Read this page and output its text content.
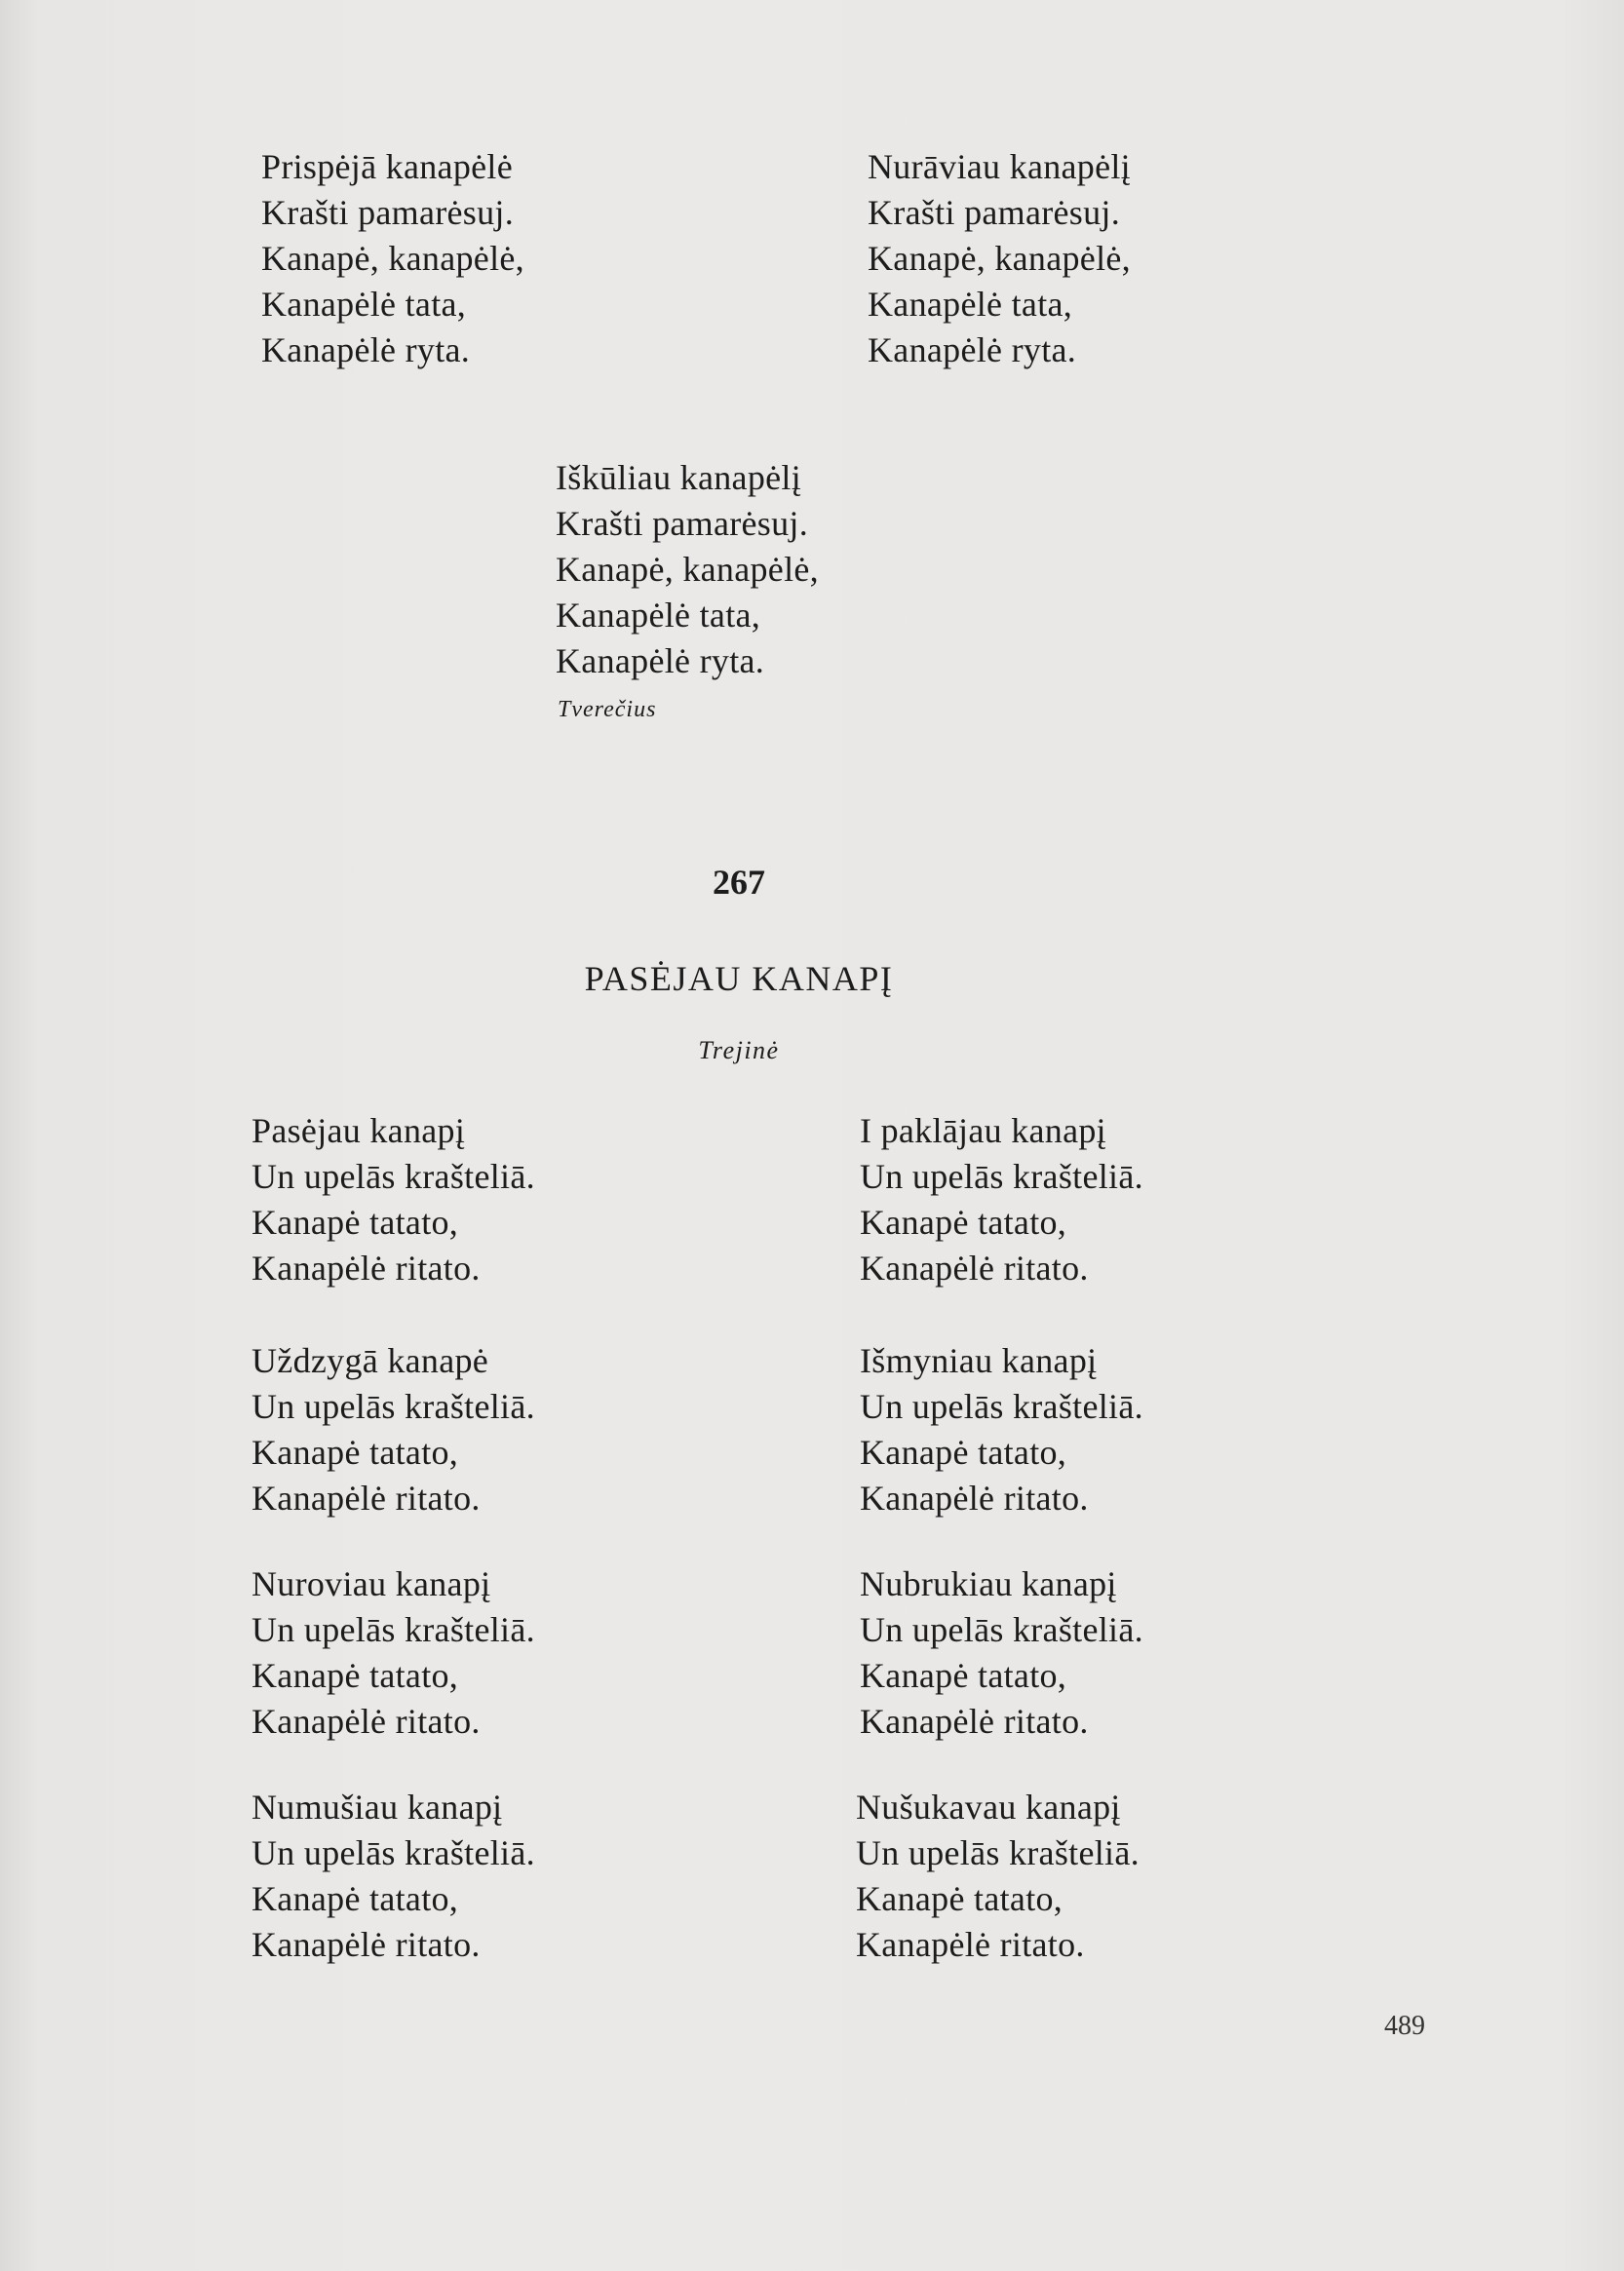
Prispėjā kanapėlė
Krašti pamarėsuj.
Kanapė, kanapėlė,
Kanapėlė tata,
Kanapėlė ryta.
Nurāviau kanapėlį
Krašti pamarėsuj.
Kanapė, kanapėlė,
Kanapėlė tata,
Kanapėlė ryta.
Iškūliau kanapėlį
Krašti pamarėsuj.
Kanapė, kanapėlė,
Kanapėlė tata,
Kanapėlė ryta.
Tverečius
267
PASĖJAU KANAPĮ
Trejinė
Pasėjau kanapį
Un upelās krašteliā.
Kanapė tatato,
Kanapėlė ritato.
Uždzygā kanapė
Un upelās krašteliā.
Kanapė tatato,
Kanapėlė ritato.
Nuroviau kanapį
Un upelās krašteliā.
Kanapė tatato,
Kanapėlė ritato.
Numušiau kanapį
Un upelās krašteliā.
Kanapė tatato,
Kanapėlė ritato.
I paklājau kanapį
Un upelās krašteliā.
Kanapė tatato,
Kanapėlė ritato.
Išmyniau kanapį
Un upelās krašteliā.
Kanapė tatato,
Kanapėlė ritato.
Nubrukiau kanapį
Un upelās krašteliā.
Kanapė tatato,
Kanapėlė ritato.
Nušukavau kanapį
Un upelās krašteliā.
Kanapė tatato,
Kanapėlė ritato.
489
